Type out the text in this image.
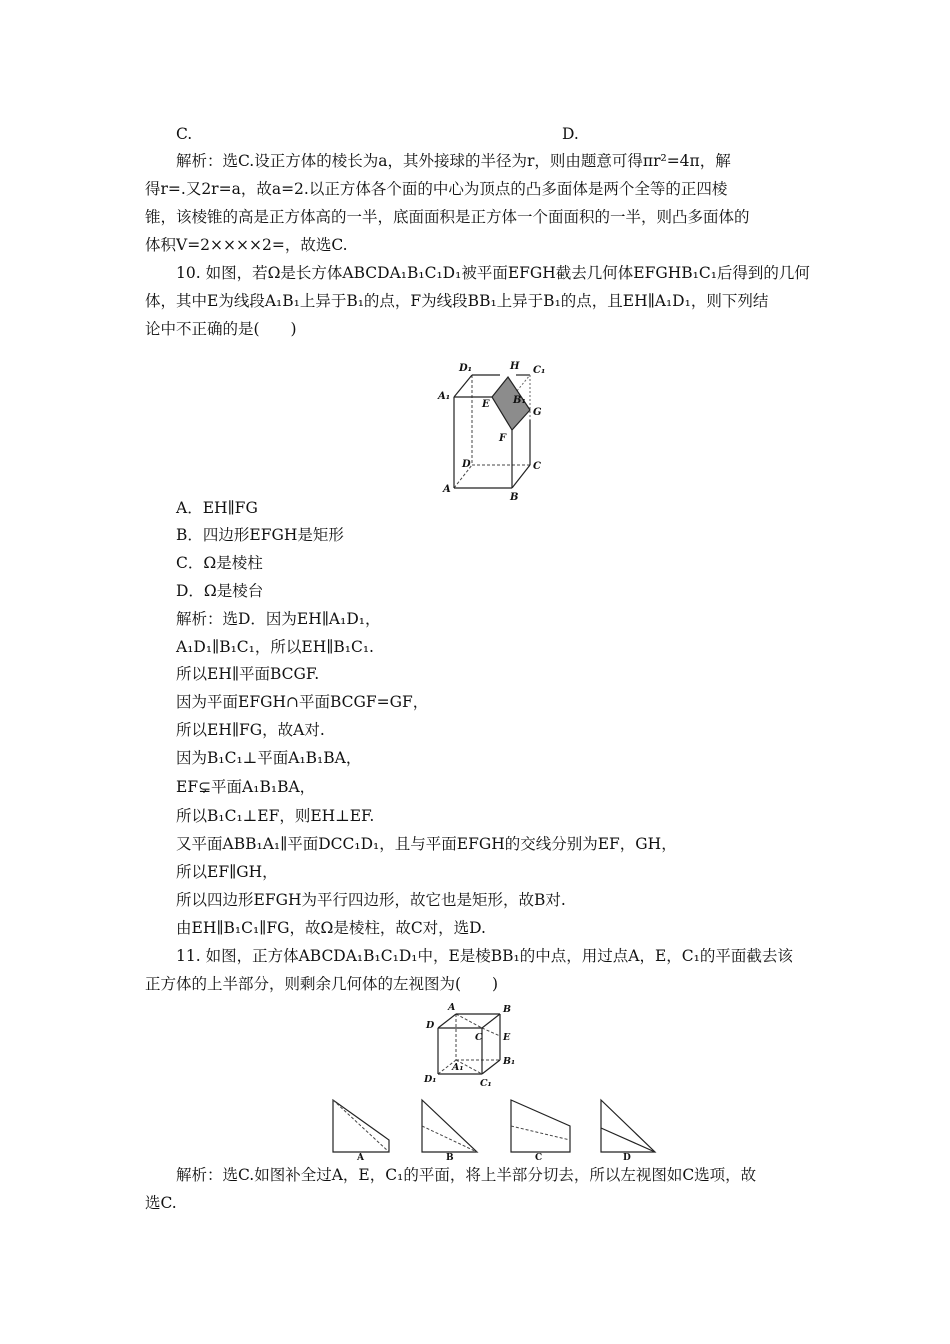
C.	D.
解析：选C.设正方体的棱长为a，其外接球的半径为r，则由题意可得πr²=4π，解
得r=.又2r=a，故a=2.以正方体各个面的中心为顶点的凸多面体是两个全等的正四棱
锥，该棱锥的高是正方体高的一半，底面面积是正方体一个面面积的一半，则凸多面体的
体积V=2××××2=，故选C.
10. 如图，若Ω是长方体ABCDA₁B₁C₁D₁被平面EFGH截去几何体EFGHB₁C₁后得到的几何
体，其中E为线段A₁B₁上异于B₁的点，F为线段BB₁上异于B₁的点，且EH∥A₁D₁，则下列结
论中不正确的是(　　)
D₁	H C₁
A₁
E B₁
G
F
D	C
A
B
A．EH∥FG
B．四边形EFGH是矩形
C．Ω是棱柱
D．Ω是棱台
解析：选D．因为EH∥A₁D₁，
A₁D₁∥B₁C₁，所以EH∥B₁C₁.
所以EH∥平面BCGF.
因为平面EFGH∩平面BCGF=GF，
所以EH∥FG，故A对.
因为B₁C₁⊥平面A₁B₁BA，
EF⊊平面A₁B₁BA，
所以B₁C₁⊥EF，则EH⊥EF.
又平面ABB₁A₁∥平面DCC₁D₁，且与平面EFGH的交线分别为EF，GH，
所以EF∥GH，
所以四边形EFGH为平行四边形，故它也是矩形，故B对.
由EH∥B₁C₁∥FG，故Ω是棱柱，故C对，选D.
11. 如图，正方体ABCDA₁B₁C₁D₁中，E是棱BB₁的中点，用过点A，E，C₁的平面截去该
正方体的上半部分，则剩余几何体的左视图为(　　)
A	B
D
C E
A₁
B₁
D₁	C₁
A	B	C	D
解析：选C.如图补全过A，E，C₁的平面，将上半部分切去，所以左视图如C选项，故
选C.
